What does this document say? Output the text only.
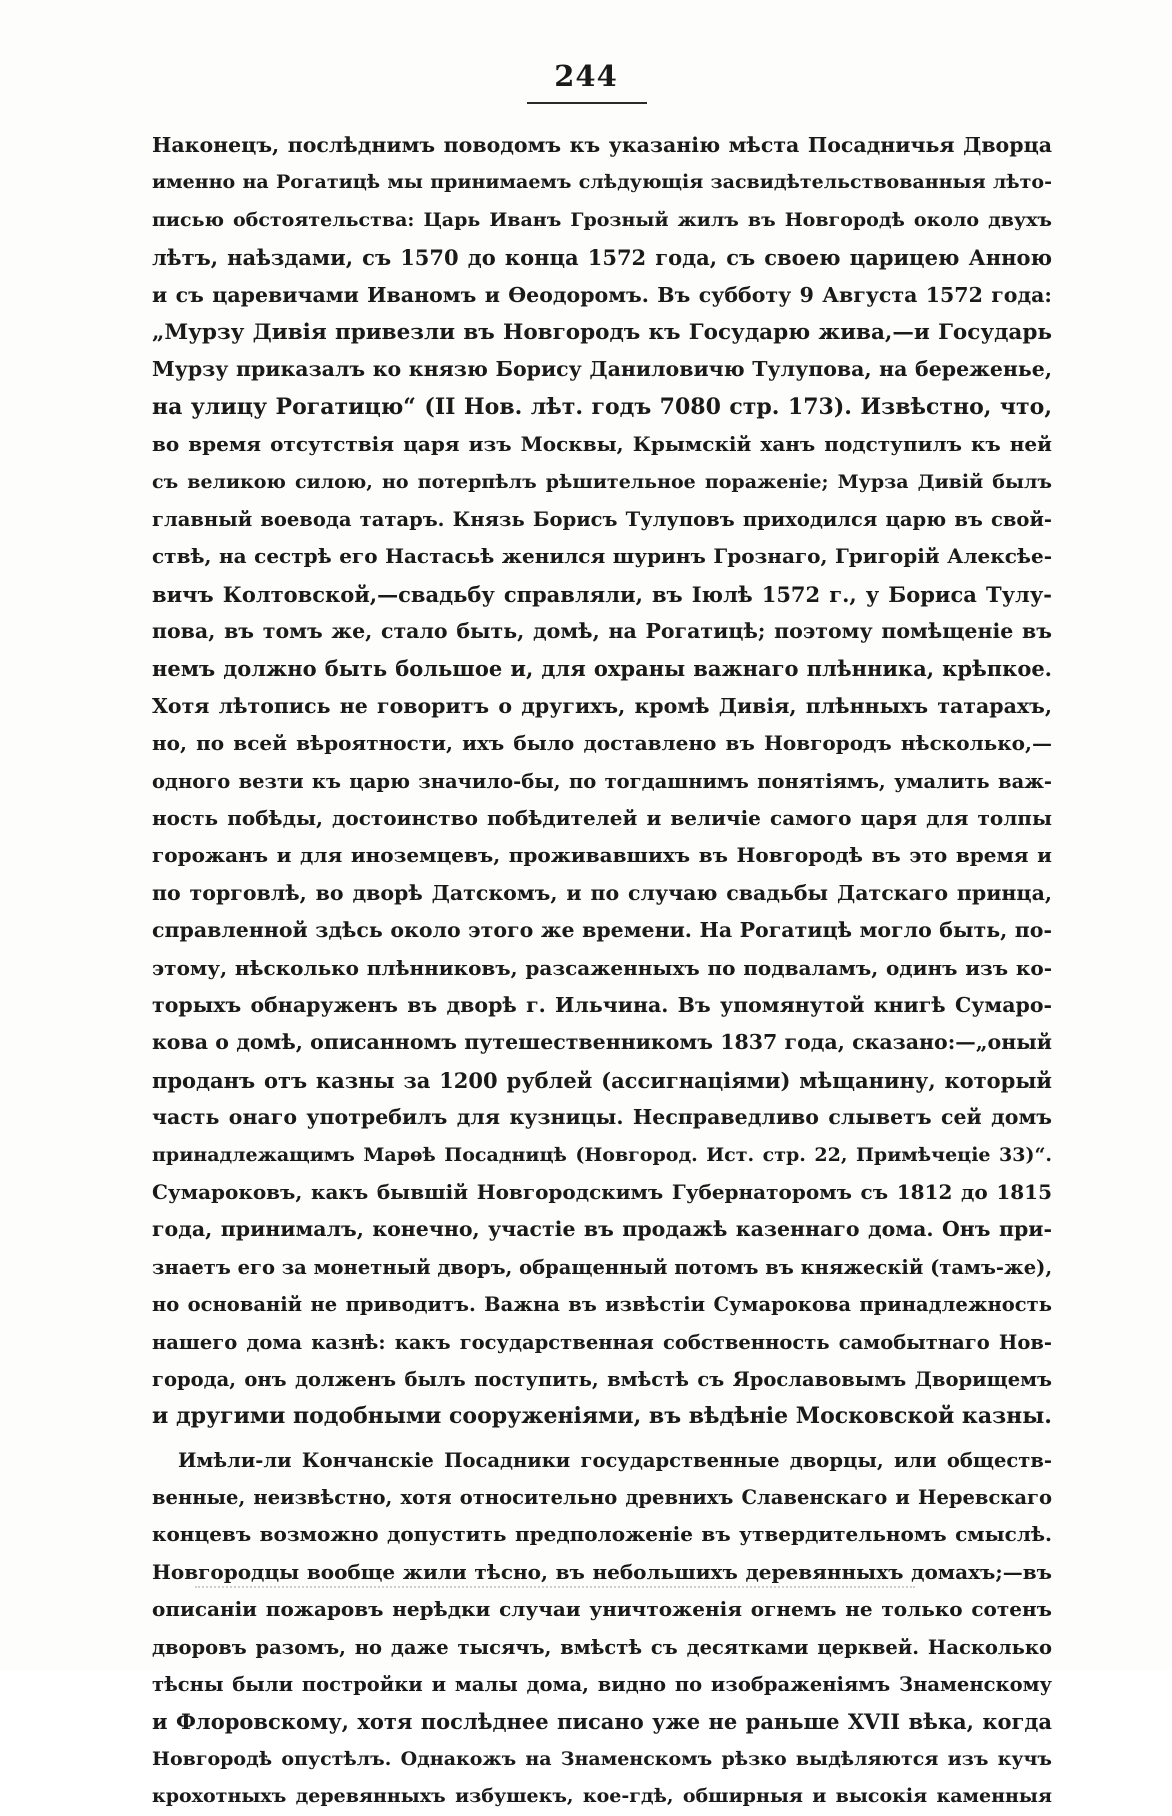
244
Наконецъ, послѣднимъ поводомъ къ указанію мѣста Посадничья Дворца
именно на Рогатицѣ мы принимаемъ слѣдующія засвидѣтельствованныя лѣто-
писью обстоятельства: Царь Иванъ Грозный жилъ въ Новгородѣ около двухъ
лѣтъ, наѣздами, съ 1570 до конца 1572 года, съ своею царицею Анною
и съ царевичами Иваномъ и Ѳеодоромъ. Въ субботу 9 Августа 1572 года:
„Мурзу Дивія привезли въ Новгородъ къ Государю жива,—и Государь
Мурзу приказалъ ко князю Борису Даниловичю Тулупова, на береженье,
на улицу Рогатицю“ (II Нов. лѣт. годъ 7080 стр. 173). Извѣстно, что,
во время отсутствія царя изъ Москвы, Крымскій ханъ подступилъ къ ней
съ великою силою, но потерпѣлъ рѣшительное пораженіе; Мурза Дивій былъ
главный воевода татаръ. Князь Борисъ Тулуповъ приходился царю въ свой-
ствѣ, на сестрѣ его Настасьѣ женился шуринъ Грознаго, Григорій Алексѣе-
вичъ Колтовской,—свадьбу справляли, въ Іюлѣ 1572 г., у Бориса Тулу-
пова, въ томъ же, стало быть, домѣ, на Рогатицѣ; поэтому помѣщеніе въ
немъ должно быть большое и, для охраны важнаго плѣнника, крѣпкое.
Хотя лѣтопись не говоритъ о другихъ, кромѣ Дивія, плѣнныхъ татарахъ,
но, по всей вѣроятности, ихъ было доставлено въ Новгородъ нѣсколько,—
одного везти къ царю значило-бы, по тогдашнимъ понятіямъ, умалить важ-
ность побѣды, достоинство побѣдителей и величіе самого царя для толпы
горожанъ и для иноземцевъ, проживавшихъ въ Новгородѣ въ это время и
по торговлѣ, во дворѣ Датскомъ, и по случаю свадьбы Датскаго принца,
справленной здѣсь около этого же времени. На Рогатицѣ могло быть, по-
этому, нѣсколько плѣнниковъ, разсаженныхъ по подваламъ, одинъ изъ ко-
торыхъ обнаруженъ въ дворѣ г. Ильчина. Въ упомянутой книгѣ Сумаро-
кова о домѣ, описанномъ путешественникомъ 1837 года, сказано:—„оный
проданъ отъ казны за 1200 рублей (ассигнаціями) мѣщанину, который
часть онаго употребилъ для кузницы. Несправедливо слыветъ сей домъ
принадлежащимъ Марѳѣ Посадницѣ (Новгород. Ист. стр. 22, Примѣчеціе 33)“.
Сумароковъ, какъ бывшій Новгородскимъ Губернаторомъ съ 1812 до 1815
года, принималъ, конечно, участіе въ продажѣ казеннаго дома. Онъ при-
знаетъ его за монетный дворъ, обращенный потомъ въ княжескій (тамъ-же),
но основаній не приводитъ. Важна въ извѣстіи Сумарокова принадлежность
нашего дома казнѣ: какъ государственная собственность самобытнаго Нов-
города, онъ долженъ былъ поступить, вмѣстѣ съ Ярославовымъ Дворищемъ
и другими подобными сооруженіями, въ вѣдѣніе Московской казны.
Имѣли-ли Кончанскіе Посадники государственные дворцы, или обществ-
венные, неизвѣстно, хотя относительно древнихъ Славенскаго и Неревскаго
концевъ возможно допустить предположеніе въ утвердительномъ смыслѣ.
Новгородцы вообще жили тѣсно, въ небольшихъ деревянныхъ домахъ;—въ
описаніи пожаровъ нерѣдки случаи уничтоженія огнемъ не только сотенъ
дворовъ разомъ, но даже тысячъ, вмѣстѣ съ десятками церквей. Насколько
тѣсны были постройки и малы дома, видно по изображеніямъ Знаменскому
и Флоровскому, хотя послѣднее писано уже не раньше XVII вѣка, когда
Новгородѣ опустѣлъ. Однакожъ на Знаменскомъ рѣзко выдѣляются изъ кучъ
крохотныхъ деревянныхъ избушекъ, кое-гдѣ, обширныя и высокія каменныя
